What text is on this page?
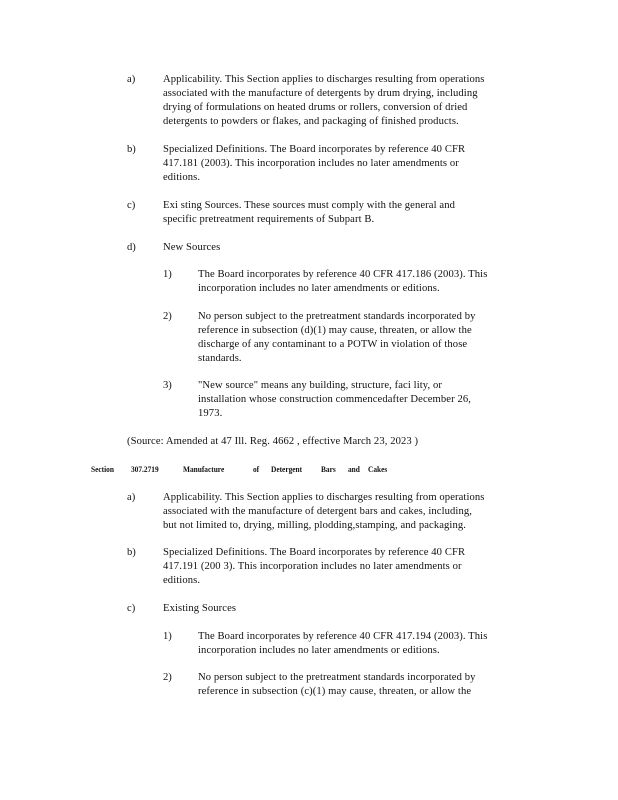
a)	Applicability. This Section applies to discharges resulting from operations
associated with the manufacture of detergents by drum drying, including
drying of formulations on heated drums or rollers, conversion of dried
detergents to powders or flakes, and packaging of finished products.
b)	Specialized Definitions. The Board incorporates by reference 40 CFR
417.181 (2003). This incorporation includes no later amendments or
editions.
c)	Exi sting Sources. These sources must comply with the general and
specific pretreatment requirements of Subpart B.
d)	New Sources
1) The Board incorporates by reference 40 CFR 417.186 (2003). This
incorporation includes no later amendments or editions.
2) No person subject to the pretreatment standards incorporated by
reference in subsection (d)(1) may cause, threaten, or allow the
discharge of any contaminant to a POTW in violation of those
standards.
3) "New source" means any building, structure, faci lity, or
installation whose construction commencedafter December 26,
1973.
(Source: Amended at 47 Ill. Reg. 4662 , effective March 23, 2023 )
Section 307.2719	Manufacture	of Detergent Bars and Cakes
a)	Applicability. This Section applies to discharges resulting from operations
associated with the manufacture of detergent bars and cakes, including,
but not limited to, drying, milling, plodding,stamping, and packaging.
b)	Specialized Definitions. The Board incorporates by reference 40 CFR
417.191 (200 3). This incorporation includes no later amendments or
editions.
c)	Existing Sources
1) The Board incorporates by reference 40 CFR 417.194 (2003). This
incorporation includes no later amendments or editions.
2) No person subject to the pretreatment standards incorporated by
reference in subsection (c)(1) may cause, threaten, or allow the
